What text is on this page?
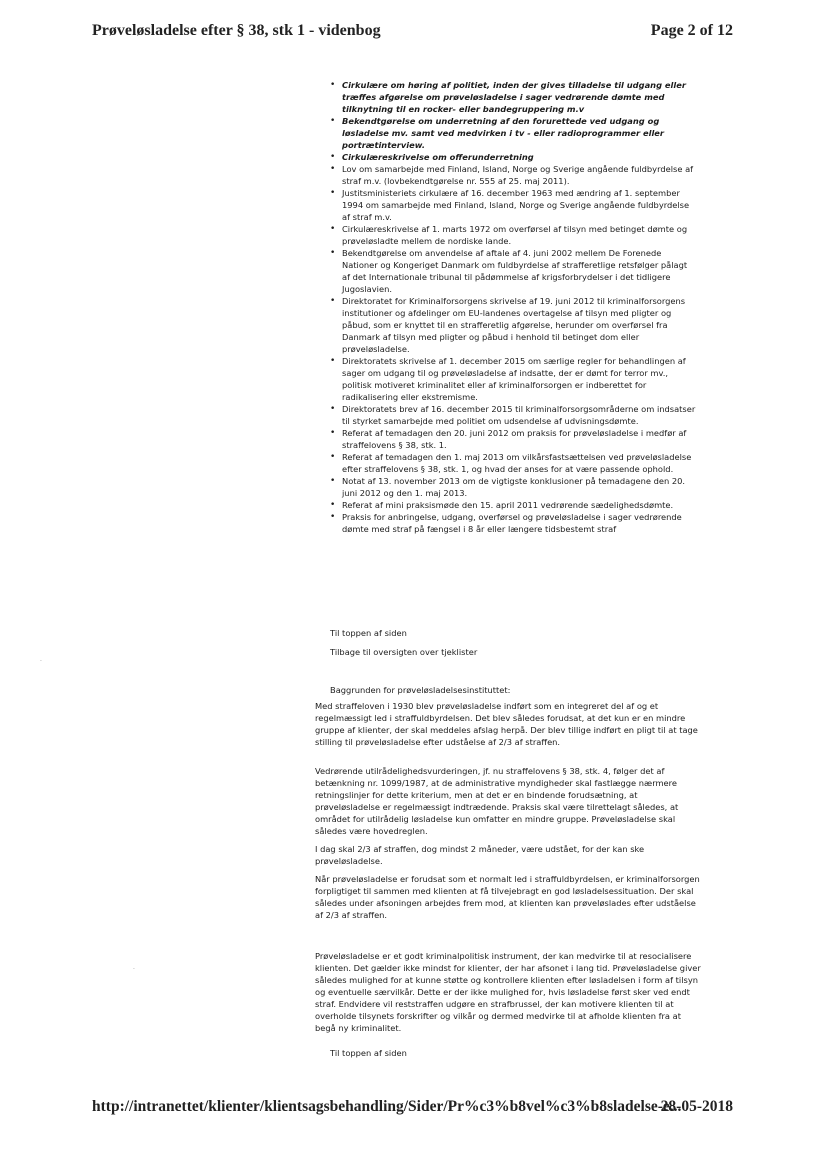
Prøveløsladelse efter § 38, stk 1 - videnbog	Page 2 of 12
• Cirkulære om høring af politiet, inden der gives tilladelse til udgang eller træffes afgørelse om prøveløsladelse i sager vedrørende dømte med tilknytning til en rocker- eller bandegruppering m.v
• Bekendtgørelse om underretning af den forurettede ved udgang og løsladelse mv. samt ved medvirken i tv - eller radioprogrammer eller portrætinterview.
• Cirkulæreskrivelse om offerunderretning
• Lov om samarbejde med Finland, Island, Norge og Sverige angående fuldbyrdelse af straf m.v. (lovbekendtgørelse nr. 555 af 25. maj 2011).
• Justitsministeriets cirkulære af 16. december 1963 med ændring af 1. september 1994 om samarbejde med Finland, Island, Norge og Sverige angående fuldbyrdelse af straf m.v.
• Cirkulæreskrivelse af 1. marts 1972 om overførsel af tilsyn med betinget dømte og prøveløsladte mellem de nordiske lande.
• Bekendtgørelse om anvendelse af aftale af 4. juni 2002 mellem De Forenede Nationer og Kongeriget Danmark om fuldbyrdelse af strafferetlige retsfølger pålagt af det Internationale tribunal til pådømmelse af krigsforbrydelser i det tidligere Jugoslavien.
• Direktoratet for Kriminalforsorgens skrivelse af 19. juni 2012 til kriminalforsorgens institutioner og afdelinger om EU-landenes overtagelse af tilsyn med pligter og påbud, som er knyttet til en strafferetlig afgørelse, herunder om overførsel fra Danmark af tilsyn med pligter og påbud i henhold til betinget dom eller prøveløsladelse.
• Direktoratets skrivelse af 1. december 2015 om særlige regler for behandlingen af sager om udgang til og prøveløsladelse af indsatte, der er dømt for terror mv., politisk motiveret kriminalitet eller af kriminalforsorgen er indberettet for radikalisering eller ekstremisme.
• Direktoratets brev af 16. december 2015 til kriminalforsorgsområderne om indsatser til styrket samarbejde med politiet om udsendelse af udvisningsdømte.
• Referat af temadagen den 20. juni 2012 om praksis for prøveløsladelse i medfør af straffelovens § 38, stk. 1.
• Referat af temadagen den 1. maj 2013 om vilkårsfastsættelsen ved prøveløsladelse efter straffelovens § 38, stk. 1, og hvad der anses for at være passende ophold.
• Notat af 13. november 2013 om de vigtigste konklusioner på temadagene den 20. juni 2012 og den 1. maj 2013.
• Referat af mini praksismøde den 15. april 2011 vedrørende sædelighedsdømte.
• Praksis for anbringelse, udgang, overførsel og prøveløsladelse i sager vedrørende dømte med straf på fængsel i 8 år eller længere tidsbestemt straf
Til toppen af siden
Tilbage til oversigten over tjeklister
Baggrunden for prøveløsladelsesinstituttet:
Med straffeloven i 1930 blev prøveløsladelse indført som en integreret del af og et regelmæssigt led i straffuldbyrdelsen. Det blev således forudsat, at det kun er en mindre gruppe af klienter, der skal meddeles afslag herpå. Der blev tillige indført en pligt til at tage stilling til prøveløsladelse efter udståelse af 2/3 af straffen.
Vedrørende utilrådelighedsvurderingen, jf. nu straffelovens § 38, stk. 4, følger det af betænkning nr. 1099/1987, at de administrative myndigheder skal fastlægge nærmere retningslinjer for dette kriterium, men at det er en bindende forudsætning, at prøveløsladelse er regelmæssigt indtrædende. Praksis skal være tilrettelagt således, at området for utilrådelig løsladelse kun omfatter en mindre gruppe. Prøveløsladelse skal således være hovedreglen.
I dag skal 2/3 af straffen, dog mindst 2 måneder, være udstået, for der kan ske prøveløsladelse.
Når prøveløsladelse er forudsat som et normalt led i straffuldbyrdelsen, er kriminalforsorgen forpligtiget til sammen med klienten at få tilvejebragt en god løsladelsessituation. Der skal således under afsoningen arbejdes frem mod, at klienten kan prøveløslades efter udståelse af 2/3 af straffen.
Prøveløsladelse er et godt kriminalpolitisk instrument, der kan medvirke til at resocialisere klienten. Det gælder ikke mindst for klienter, der har afsonet i lang tid. Prøveløsladelse giver således mulighed for at kunne støtte og kontrollere klienten efter løsladelsen i form af tilsyn og eventuelle særvilkår. Dette er der ikke mulighed for, hvis løsladelse først sker ved endt straf. Endvidere vil reststraffen udgøre en strafbrussel, der kan motivere klienten til at overholde tilsynets forskrifter og vilkår og dermed medvirke til at afholde klienten fra at begå ny kriminalitet.
Til toppen af siden
·
·
http://intranettet/klienter/klientsagsbehandling/Sider/Pr%c3%b8vel%c3%b8sladelse-e...
28-05-2018
